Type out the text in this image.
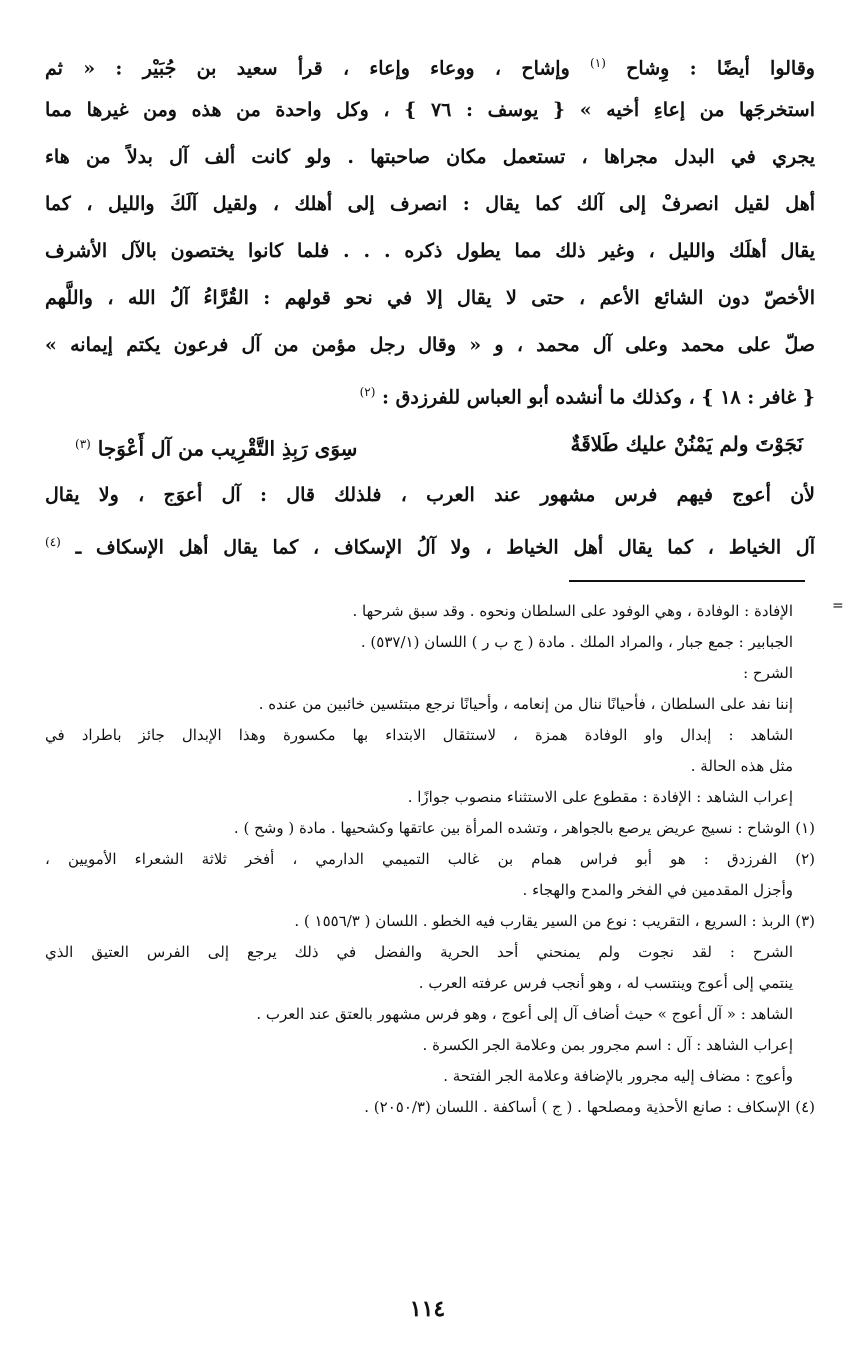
وقالوا أيضًا : وِشاح $^{(١)}$ وإشاح ، ووعاء وإعاء ، قرأ سعيد بن جُبَيْر : « ثم
استخرجَها من إعاءِ أخيه » { يوسف : ٧٦ } ، وكل واحدة من هذه ومن غيرها مما
يجري في البدل مجراها ، تستعمل مكان صاحبتها . ولو كانت ألف آل بدلاً من هاء
أهل لقيل انصرفْ إلى آلك كما يقال : انصرف إلى أهلك ، ولقيل آلَكَ والليل ، كما
يقال أهلَك والليل ، وغير ذلك مما يطول ذكره . . . فلما كانوا يختصون بالآل الأشرف
الأخصّ دون الشائع الأعم ، حتى لا يقال إلا في نحو قولهم : القُرَّاءُ آلُ الله ، واللَّهم
صلّ على محمد وعلى آل محمد ، و « وقال رجل مؤمن من آل فرعون يكتم إيمانه »
{ غافر : ١٨ } ، وكذلك ما أنشده أبو العباس للفرزدق : $^{(٢)}$
نَجَوْتَ ولم يَمْنُنْ عليك طَلاقَةٌ
سِوَى رَبِذِ التَّقْرِيب من آل أَعْوَجا $^{(٣)}$
لأن أعوج فيهم فرس مشهور عند العرب ، فلذلك قال : آل أعوَج ، ولا يقال
آل الخياط ، كما يقال أهل الخياط ، ولا آلُ الإسكاف ، كما يقال أهل الإسكاف ـ $^{(٤)}$
=
الإفادة : الوفادة ، وهي الوفود على السلطان ونحوه . وقد سبق شرحها .
الجبابير : جمع جبار ، والمراد الملك . مادة ( ج ب ر ) اللسان (٥٣٧/١) .
الشرح :
إننا نفد على السلطان ، فأحيانًا ننال من إنعامه ، وأحيانًا نرجع مبتئسين خائبين من عنده .
الشاهد : إبدال واو الوفادة همزة ، لاستثقال الابتداء بها مكسورة وهذا الإبدال جائز باطراد في
مثل هذه الحالة .
إعراب الشاهد : الإفادة : مقطوع على الاستثناء منصوب جوازًا .
(١) الوشاح : نسيج عريض يرصع بالجواهر ، وتشده المرأة بين عاتقها وكشحيها . مادة ( وشح ) .
(٢) الفرزدق : هو أبو فراس همام بن غالب التميمي الدارمي ، أفخر ثلاثة الشعراء الأمويين ،
وأجزل المقدمين في الفخر والمدح والهجاء .
(٣) الربذ : السريع ، التقريب : نوع من السير يقارب فيه الخطو . اللسان ( ١٥٥٦/٣ ) .
الشرح : لقد نجوت ولم يمنحني أحد الحرية والفضل في ذلك يرجع إلى الفرس العتيق الذي
ينتمي إلى أعوج وينتسب له ، وهو أنجب فرس عرفته العرب .
الشاهد : « آل أعوج » حيث أضاف آل إلى أعوج ، وهو فرس مشهور بالعتق عند العرب .
إعراب الشاهد : آل : اسم مجرور بمن وعلامة الجر الكسرة .
وأعوج : مضاف إليه مجرور بالإضافة وعلامة الجر الفتحة .
(٤) الإسكاف : صانع الأحذية ومصلحها . ( ج ) أساكفة . اللسان (٢٠٥٠/٣) .
١١٤
